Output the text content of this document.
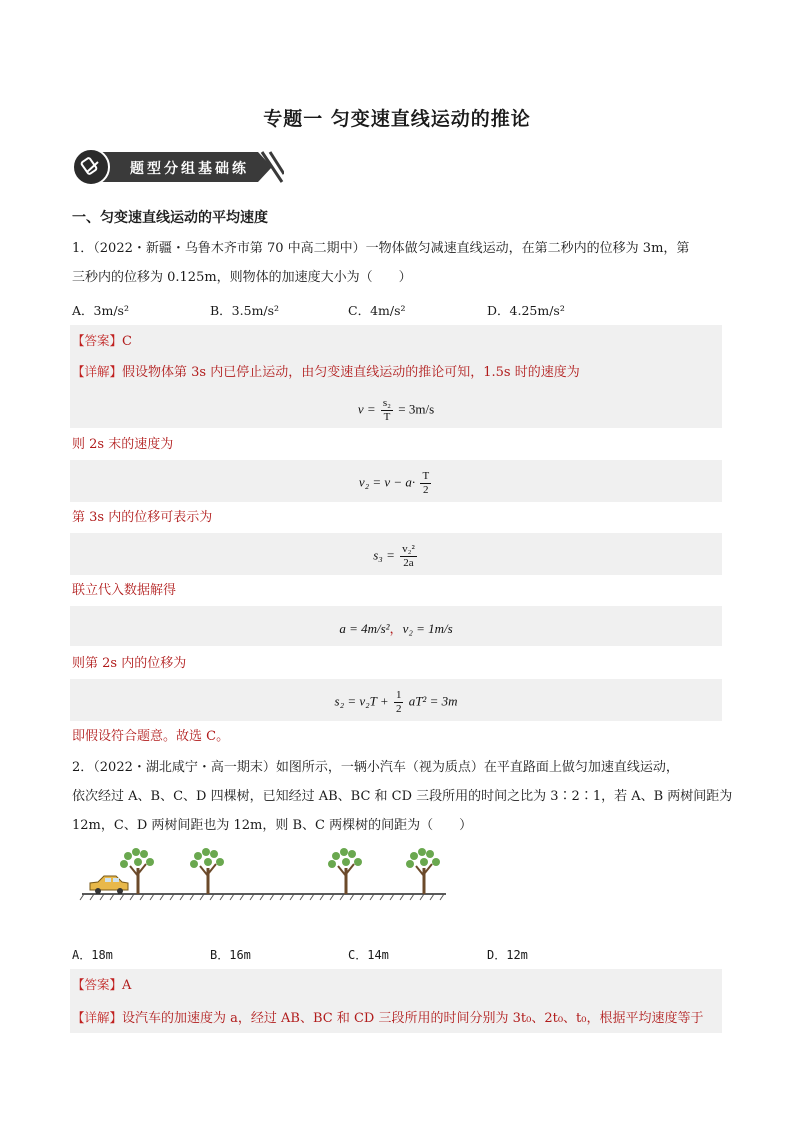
专题一 匀变速直线运动的推论
题型分组基础练
一、匀变速直线运动的平均速度
1．（2022・新疆・乌鲁木齐市第 70 中高二期中）一物体做匀减速直线运动，在第二秒内的位移为 3m，第
三秒内的位移为 0.125m，则物体的加速度大小为（　　）
A．3m/s²	B．3.5m/s²	C．4m/s²	D．4.25m/s²
【答案】C
【详解】假设物体第 3s 内已停止运动，由匀变速直线运动的推论可知，1.5s 时的速度为
$v = \frac{\text{s₂}}{T} = 3m/s$
则 2s 末的速度为
$v_2 = v - a\cdot \frac{T}{2}$
第 3s 内的位移可表示为
$s_3 = \frac{\text{v₂²}}{2a}$
联立代入数据解得
a = 4m/s²，v₂ = 1m/s
则第 2s 内的位移为
$s_2 = v_2T + \frac{1}{2} aT^2 = 3m$
即假设符合题意。故选 C。
2．（2022・湖北咸宁・高一期末）如图所示，一辆小汽车（视为质点）在平直路面上做匀加速直线运动，
依次经过 A、B、C、D 四棵树，已知经过 AB、BC 和 CD 三段所用的时间之比为 3∶2∶1，若 A、B 两树间距为
12m，C、D 两树间距也为 12m，则 B、C 两棵树的间距为（　　）
A．18m	B．16m	C．14m	D．12m
【答案】A
【详解】设汽车的加速度为 a，经过 AB、BC 和 CD 三段所用的时间分别为 3t₀、2t₀、t₀，根据平均速度等于
